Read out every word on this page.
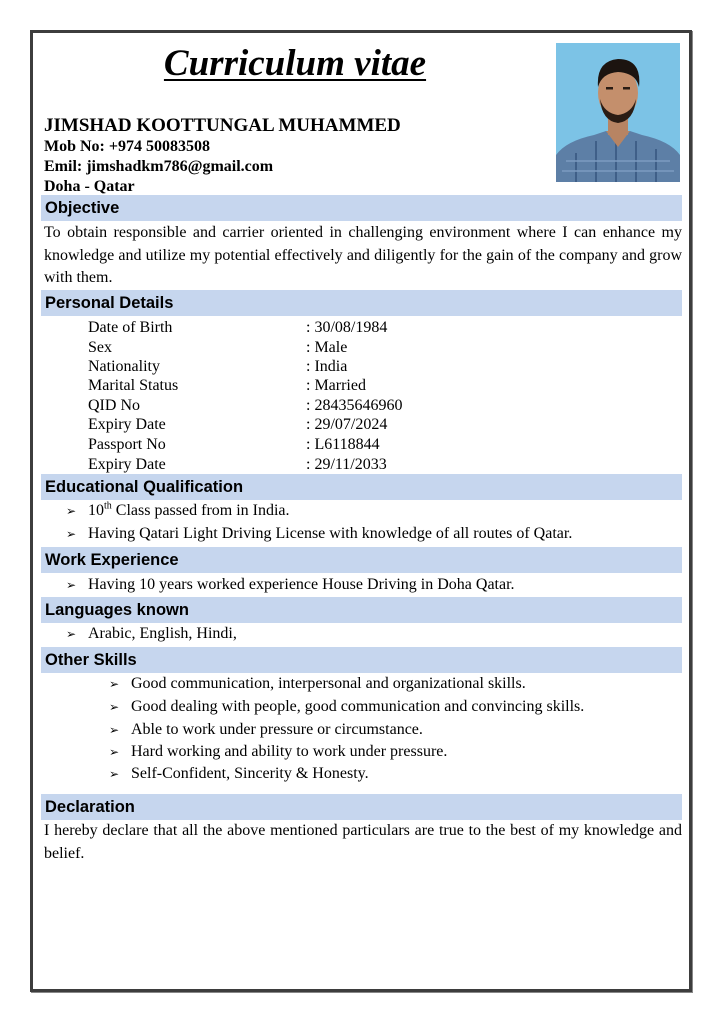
Curriculum vitae
JIMSHAD KOOTTUNGAL MUHAMMED
Mob No: +974 50083508
Emil: jimshadkm786@gmail.com
Doha - Qatar
Objective
To obtain responsible and carrier oriented in challenging environment where I can enhance my knowledge and utilize my potential effectively and diligently for the gain of the company and grow with them.
Personal Details
Date of Birth	: 30/08/1984
Sex	: Male
Nationality	: India
Marital Status	: Married
QID No	: 28435646960
Expiry Date	: 29/07/2024
Passport No	: L6118844
Expiry Date	: 29/11/2033
Educational Qualification
➢ 10th Class passed from in India.
➢ Having Qatari Light Driving License with knowledge of all routes of Qatar.
Work Experience
➢ Having 10 years worked experience House Driving in Doha Qatar.
Languages known
➢ Arabic, English, Hindi,
Other Skills
➢ Good communication, interpersonal and organizational skills.
➢ Good dealing with people, good communication and convincing skills.
➢ Able to work under pressure or circumstance.
➢ Hard working and ability to work under pressure.
➢ Self-Confident, Sincerity & Honesty.
Declaration
I hereby declare that all the above mentioned particulars are true to the best of my knowledge and belief.
